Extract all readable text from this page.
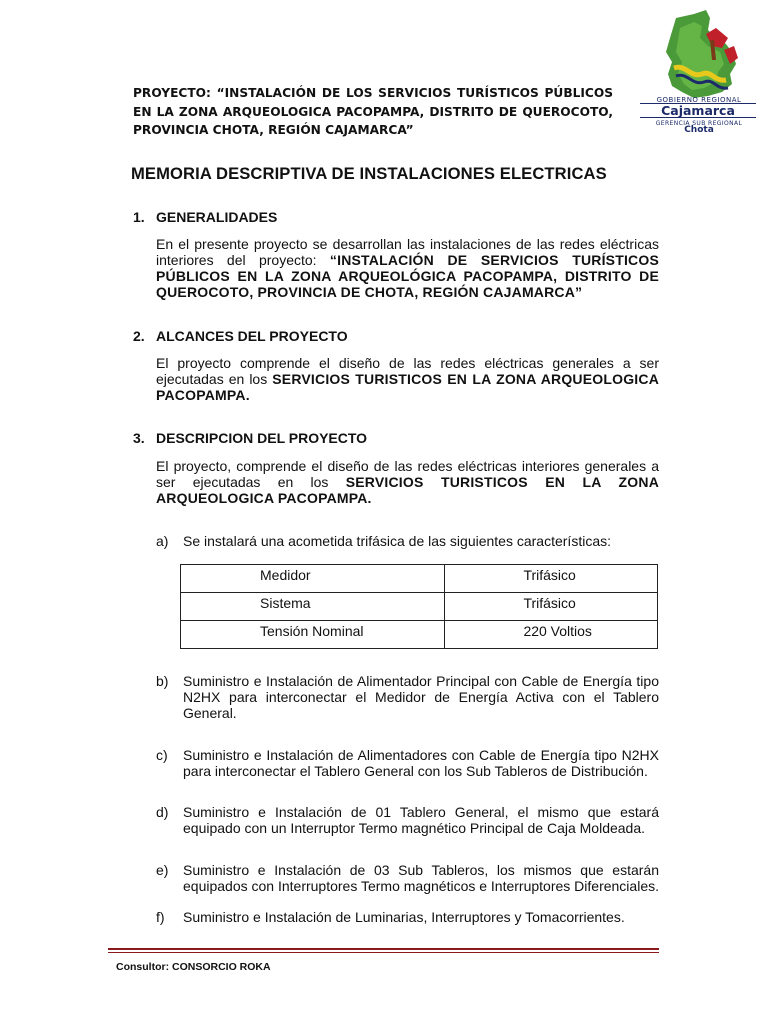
PROYECTO: “INSTALACIÓN DE LOS SERVICIOS TURÍSTICOS PÚBLICOS EN LA ZONA ARQUEOLOGICA PACOPAMPA, DISTRITO DE QUEROCOTO, PROVINCIA CHOTA, REGIÓN CAJAMARCA”
GOBIERNO REGIONAL
Cajamarca
GERENCIA SUB REGIONAL
Chota
MEMORIA DESCRIPTIVA DE INSTALACIONES ELECTRICAS
1. GENERALIDADES
En el presente proyecto se desarrollan las instalaciones de las redes eléctricas interiores del proyecto: “INSTALACIÓN DE SERVICIOS TURÍSTICOS PÚBLICOS EN LA ZONA ARQUEOLÓGICA PACOPAMPA, DISTRITO DE QUEROCOTO, PROVINCIA DE CHOTA, REGIÓN CAJAMARCA”
2. ALCANCES DEL PROYECTO
El proyecto comprende el diseño de las redes eléctricas generales a ser ejecutadas en los SERVICIOS TURISTICOS EN LA ZONA ARQUEOLOGICA PACOPAMPA.
3. DESCRIPCION DEL PROYECTO
El proyecto, comprende el diseño de las redes eléctricas interiores generales a ser ejecutadas en los SERVICIOS TURISTICOS EN LA ZONA ARQUEOLOGICA PACOPAMPA.
a) Se instalará una acometida trifásica de las siguientes características:
Medidor	Trifásico

Sistema	Trifásico

Tensión Nominal	220 Voltios
b) Suministro e Instalación de Alimentador Principal con Cable de Energía tipo N2HX para interconectar el Medidor de Energía Activa con el Tablero General.
c) Suministro e Instalación de Alimentadores con Cable de Energía tipo N2HX para interconectar el Tablero General con los Sub Tableros de Distribución.
d) Suministro e Instalación de 01 Tablero General, el mismo que estará equipado con un Interruptor Termo magnético Principal de Caja Moldeada.
e) Suministro e Instalación de 03 Sub Tableros, los mismos que estarán equipados con Interruptores Termo magnéticos e Interruptores Diferenciales.
f) Suministro e Instalación de Luminarias, Interruptores y Tomacorrientes.
Consultor: CONSORCIO ROKA
